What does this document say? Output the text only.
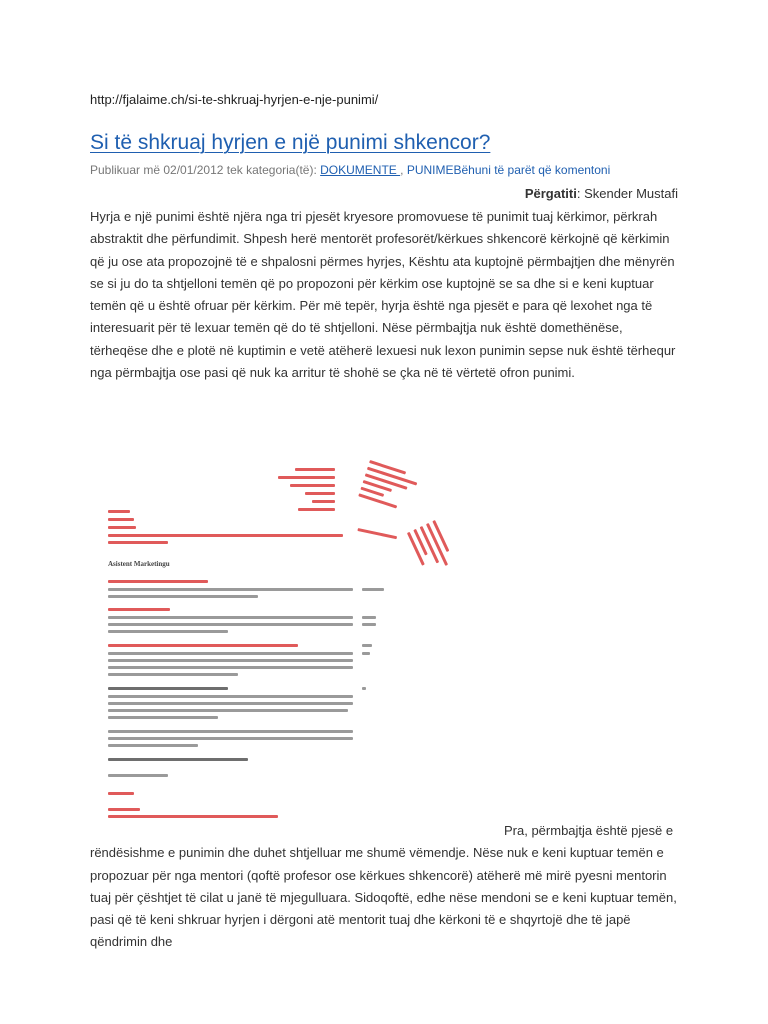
http://fjalaime.ch/si-te-shkruaj-hyrjen-e-nje-punimi/
Si të shkruaj hyrjen e një punimi shkencor?
Publikuar më 02/01/2012 tek kategoria(të): DOKUMENTE , PUNIMEBëhuni të parët që komentoni
Përgatiti: Skender Mustafi

Hyrja e një punimi është njëra nga tri pjesët kryesore promovuese të punimit tuaj kërkimor, përkrah abstraktit dhe përfundimit. Shpesh herë mentorët profesorët/kërkues shkencorë kërkojnë që kërkimin që ju ose ata propozojnë të e shpalosni përmes hyrjes, Kështu ata kuptojnë përmbajtjen dhe mënyrën se si ju do ta shtjelloni temën që po propozoni për kërkim ose kuptojnë se sa dhe si e keni kuptuar temën që u është ofruar për kërkim. Për më tepër, hyrja është nga pjesët e para që lexohet nga të interesuarit për të lexuar temën që do të shtjelloni. Nëse përmbajtja nuk është domethënëse, tërheqëse dhe e plotë në kuptimin e vetë atëherë lexuesi nuk lexon punimin sepse nuk është tërhequr nga përmbajtja ose pasi që nuk ka arritur të shohë se çka në të vërtetë ofron punimi.

Asistent Marketingu

Pra, përmbajtja është pjesë e rëndësishme e punimin dhe duhet shtjelluar me shumë vëmendje. Nëse nuk e keni kuptuar temën e propozuar për nga mentori (qoftë profesor ose kërkues shkencorë) atëherë më mirë pyesni mentorin tuaj për çështjet të cilat u janë të mjegulluara. Sidoqoftë, edhe nëse mendoni se e keni kuptuar temën, pasi që të keni shkruar hyrjen i dërgoni atë mentorit tuaj dhe kërkoni të e shqyrtojë dhe të japë qëndrimin dhe
